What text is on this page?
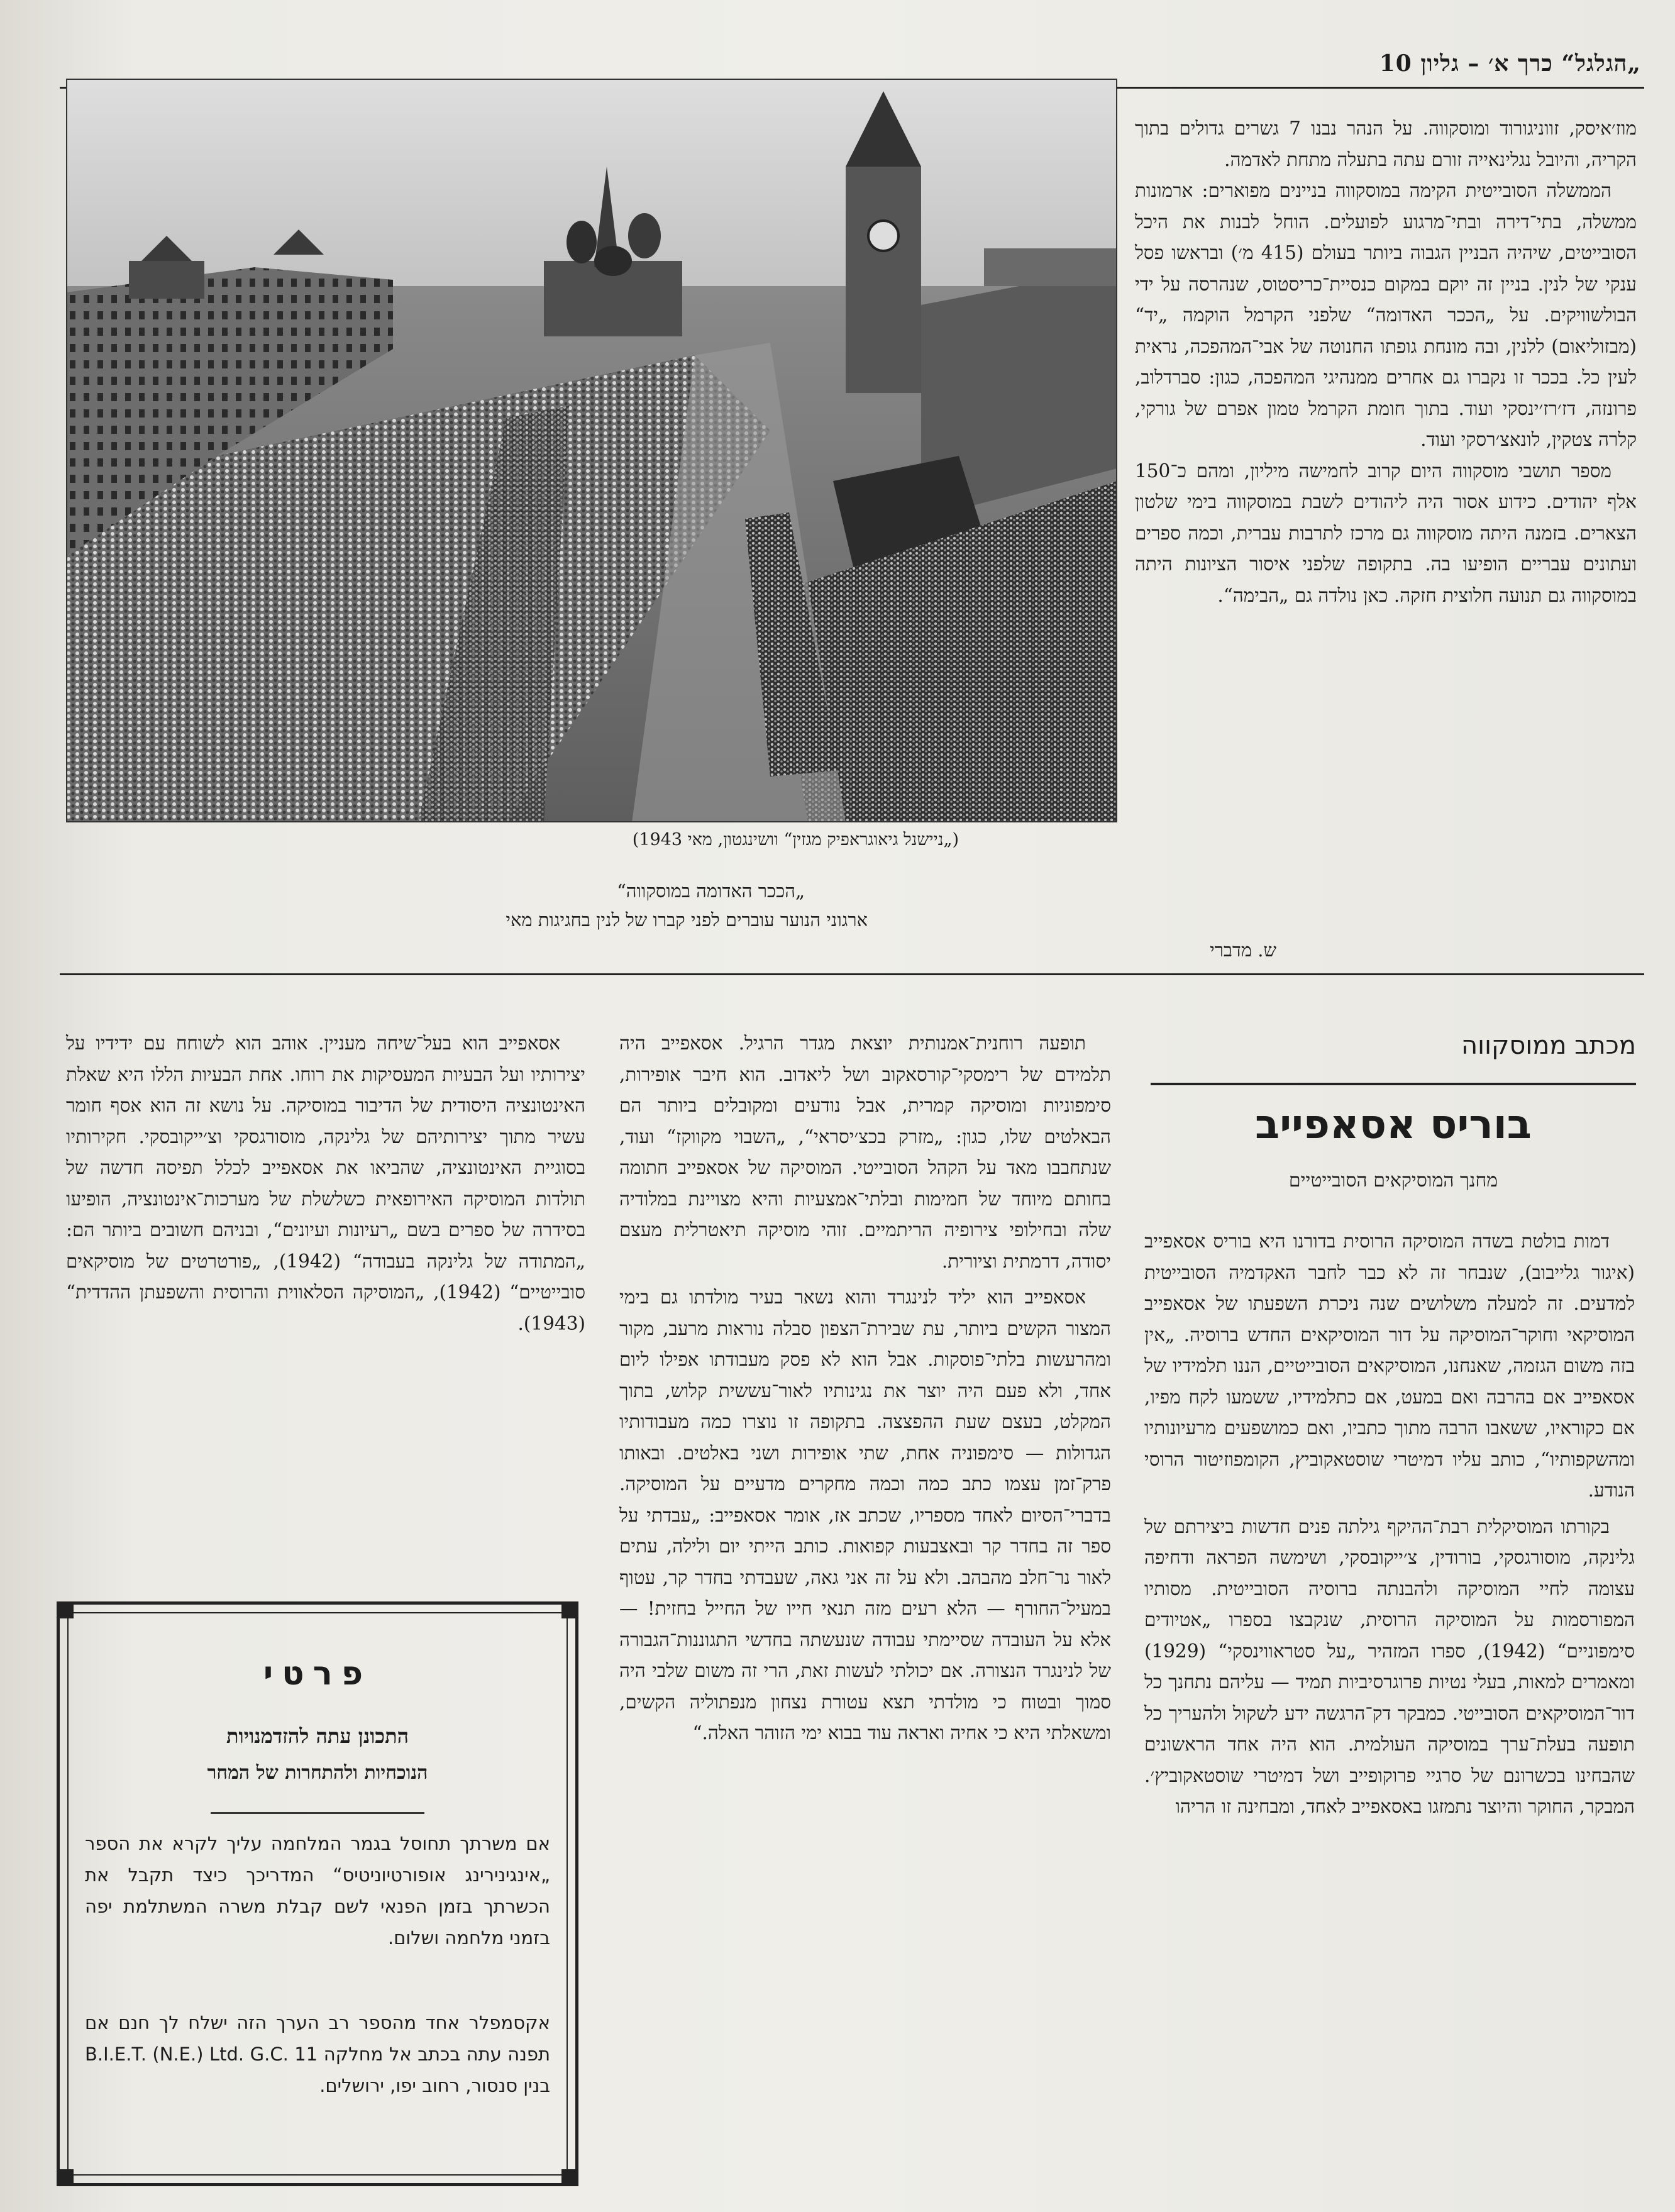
„הגלגל“ כרך א׳ – גליון 10
(„ניישנל גיאוגראפיק מגזין“ וושינגטון, מאי 1943)
„הככר האדומה במוסקווה“
ארגוני הנוער עוברים לפני קברו של לנין בחגיגות מאי

מוז׳איסק, זווניגורוד ומוסקווה. על הנהר נבנו 7 גשרים גדולים בתוך הקריה, והיובל נגלינאייה זורם עתה בתעלה מתחת לאדמה.

הממשלה הסובייטית הקימה במוסקווה בניינים מפוארים: ארמונות ממשלה, בתי־דירה ובתי־מרגוע לפועלים. הוחל לבנות את היכל הסובייטים, שיהיה הבניין הגבוה ביותר בעולם (415 מ׳) ובראשו פסל ענקי של לנין. בניין זה יוקם במקום כנסיית־כריסטוס, שנהרסה על ידי הבולשוויקים. על „הככר האדומה“ שלפני הקרמל הוקמה „יד“ (מבזוליאום) ללנין, ובה מונחת גופתו החנוטה של אבי־המהפכה, נראית לעין כל. בככר זו נקברו גם אחרים ממנהיגי המהפכה, כגון: סברדלוב, פרונזה, דז׳רז׳ינסקי ועוד. בתוך חומת הקרמל טמון אפרם של גורקי, קלרה צטקין, לונאצ׳רסקי ועוד.

מספר תושבי מוסקווה היום קרוב לחמישה מיליון, ומהם כ־150 אלף יהודים. כידוע אסור היה ליהודים לשבת במוסקווה בימי שלטון הצארים. בזמנה היתה מוסקווה גם מרכז לתרבות עברית, וכמה ספרים ועתונים עבריים הופיעו בה. בתקופה שלפני איסור הציונות היתה במוסקווה גם תנועה חלוצית חזקה. כאן נולדה גם „הבימה“.

ש. מדברי
מכתב ממוסקווה
בוריס אסאפייב
מחנך המוסיקאים הסובייטיים

דמות בולטת בשדה המוסיקה הרוסית בדורנו היא בוריס אסאפייב (איגור גלייבוב), שנבחר זה לא כבר לחבר האקדמיה הסובייטית למדעים. זה למעלה משלושים שנה ניכרת השפעתו של אסאפייב המוסיקאי וחוקר־המוסיקה על דור המוסיקאים החדש ברוסיה. „אין בזה משום הגזמה, שאנחנו, המוסיקאים הסובייטיים, הננו תלמידיו של אסאפייב אם בהרבה ואם במעט, אם כתלמידיו, ששמעו לקח מפיו, אם כקוראיו, ששאבו הרבה מתוך כתביו, ואם כמושפעים מרעיונותיו ומהשקפותיו“, כותב עליו דמיטרי שוסטאקוביץ, הקומפוזיטור הרוסי הנודע.

בקורתו המוסיקלית רבת־ההיקף גילתה פנים חדשות ביצירתם של גלינקה, מוסורגסקי, בורודין, צ׳ייקובסקי, ושימשה הפראה ודחיפה עצומה לחיי המוסיקה ולהבנתה ברוסיה הסובייטית. מסותיו המפורסמות על המוסיקה הרוסית, שנקבצו בספרו „אטיודים סימפוניים“ (1942), ספרו המזהיר „על סטראווינסקי“ (1929) ומאמרים למאות, בעלי נטיות פרוגרסיביות תמיד — עליהם נתחנך כל דור־המוסיקאים הסובייטי. כמבקר דק־הרגשה ידע לשקול ולהעריך כל תופעה בעלת־ערך במוסיקה העולמית. הוא היה אחד הראשונים שהבחינו בכשרונם של סרגיי פרוקופייב ושל דמיטרי שוסטאקוביץ׳. המבקר, החוקר והיוצר נתמזגו באסאפייב לאחד, ומבחינה זו הריהו

תופעה רוחנית־אמנותית יוצאת מגדר הרגיל. אסאפייב היה תלמידם של רימסקי־קורסאקוב ושל ליאדוב. הוא חיבר אופירות, סימפוניות ומוסיקה קמרית, אבל נודעים ומקובלים ביותר הם הבאלטים שלו, כגון: „מזרק בכצ׳יסראי“, „השבוי מקווקז“ ועוד, שנתחבבו מאד על הקהל הסובייטי. המוסיקה של אסאפייב חתומה בחותם מיוחד של חמימות ובלתי־אמצעיות והיא מצויינת במלודיה שלה ובחילופי צירופיה הריתמיים. זוהי מוסיקה תיאטרלית מעצם יסודה, דרמתית וציורית.

אסאפייב הוא יליד לנינגרד והוא נשאר בעיר מולדתו גם בימי המצור הקשים ביותר, עת שבירת־הצפון סבלה נוראות מרעב, מקור ומהרעשות בלתי־פוסקות. אבל הוא לא פסק מעבודתו אפילו ליום אחד, ולא פעם היה יוצר את נגינותיו לאור־עששית קלוש, בתוך המקלט, בעצם שעת ההפצצה. בתקופה זו נוצרו כמה מעבודותיו הגדולות — סימפוניה אחת, שתי אופירות ושני באלטים. ובאותו פרק־זמן עצמו כתב כמה וכמה מחקרים מדעיים על המוסיקה. בדברי־הסיום לאחד מספריו, שכתב אז, אומר אסאפייב: „עבדתי על ספר זה בחדר קר ובאצבעות קפואות. כותב הייתי יום ולילה, עתים לאור נר־חלב מהבהב. ולא על זה אני גאה, שעבדתי בחדר קר, עטוף במעיל־החורף — הלא רעים מזה תנאי חייו של החייל בחזית! — אלא על העובדה שסיימתי עבודה שנעשתה בחדשי התגוננות־הגבורה של לנינגרד הנצורה. אם יכולתי לעשות זאת, הרי זה משום שלבי היה סמוך ובטוח כי מולדתי תצא עטורת נצחון מנפתוליה הקשים, ומשאלתי היא כי אחיה ואראה עוד בבוא ימי הזוהר האלה.“

אסאפייב הוא בעל־שיחה מעניין. אוהב הוא לשוחח עם ידידיו על יצירותיו ועל הבעיות המעסיקות את רוחו. אחת הבעיות הללו היא שאלת האינטונציה היסודית של הדיבור במוסיקה. על נושא זה הוא אסף חומר עשיר מתוך יצירותיהם של גלינקה, מוסורגסקי וצ׳ייקובסקי. חקירותיו בסוגיית האינטונציה, שהביאו את אסאפייב לכלל תפיסה חדשה של תולדות המוסיקה האירופאית כשלשלת של מערכות־אינטונציה, הופיעו בסידרה של ספרים בשם „רעיונות ועיונים“, ובניהם חשובים ביותר הם: „המתודה של גלינקה בעבודה“ (1942), „פורטרטים של מוסיקאים סובייטיים“ (1942), „המוסיקה הסלאווית והרוסית והשפעתן ההדדית“ (1943).

פרטי
התכונן עתה להזדמנויות
הנוכחיות ולהתחרות של המחר
אם משרתך תחוסל בגמר המלחמה עליך לקרא את הספר „אינגינירינג אופורטיוניטיס“ המדריכך כיצד תקבל את הכשרתך בזמן הפנאי לשם קבלת משרה המשתלמת יפה בזמני מלחמה ושלום.
אקסמפלר אחד מהספר רב הערך הזה ישלח לך חנם אם תפנה עתה בכתב אל מחלקה B.I.E.T. (N.E.) Ltd. G.C. 11 בנין סנסור, רחוב יפו, ירושלים.
